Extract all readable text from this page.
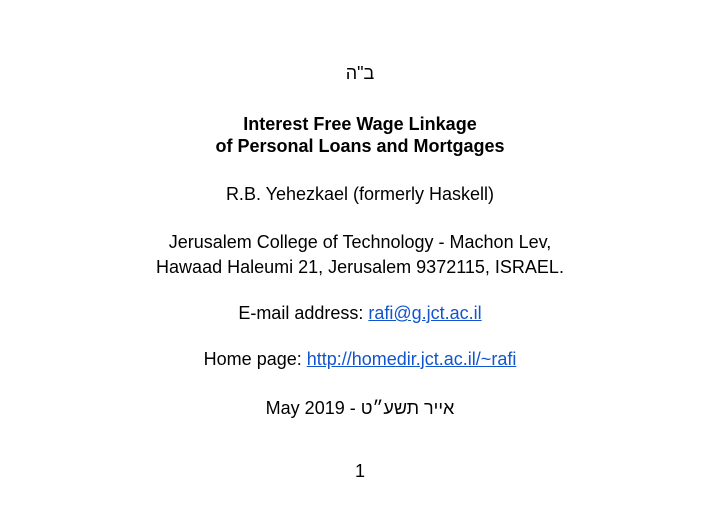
ב"ה
Interest Free Wage Linkage
of Personal Loans and Mortgages
R.B. Yehezkael (formerly Haskell)
Jerusalem College of Technology - Machon Lev,
Hawaad Haleumi 21, Jerusalem 9372115, ISRAEL.
E-mail address: rafi@g.jct.ac.il
Home page: http://homedir.jct.ac.il/~rafi
May 2019 - אייר תשע״ט
1
